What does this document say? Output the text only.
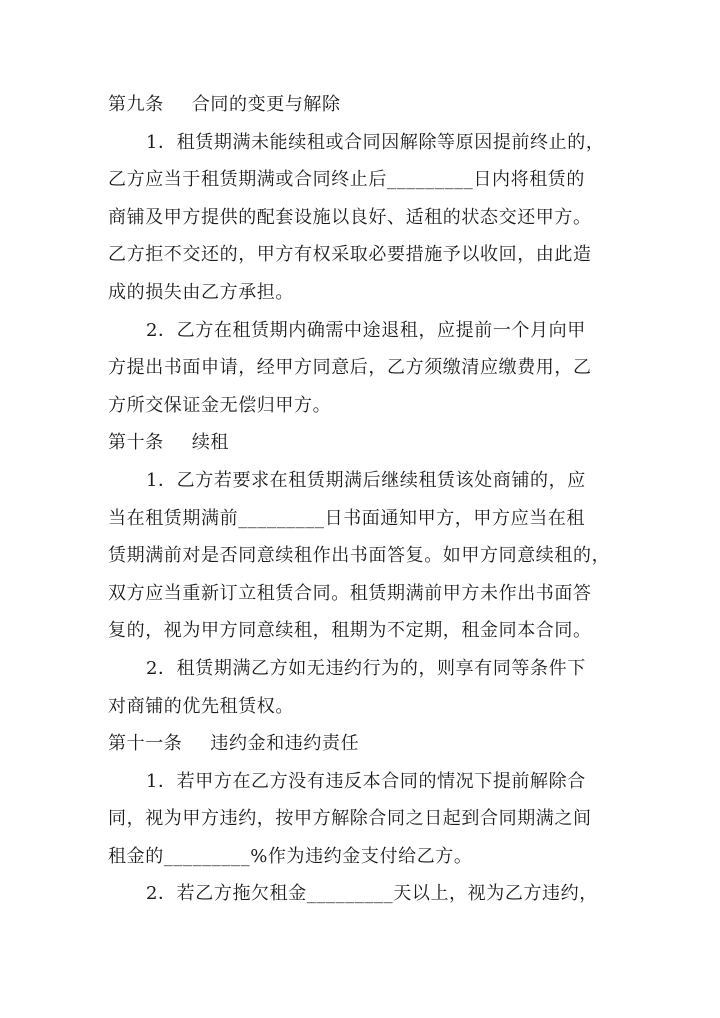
第九条 合同的变更与解除
1．租赁期满未能续租或合同因解除等原因提前终止的，
乙方应当于租赁期满或合同终止后_________日内将租赁的
商铺及甲方提供的配套设施以良好、适租的状态交还甲方。
乙方拒不交还的，甲方有权采取必要措施予以收回，由此造
成的损失由乙方承担。
2．乙方在租赁期内确需中途退租，应提前一个月向甲
方提出书面申请，经甲方同意后，乙方须缴清应缴费用，乙
方所交保证金无偿归甲方。
第十条 续租
1．乙方若要求在租赁期满后继续租赁该处商铺的，应
当在租赁期满前_________日书面通知甲方，甲方应当在租
赁期满前对是否同意续租作出书面答复。如甲方同意续租的，
双方应当重新订立租赁合同。租赁期满前甲方未作出书面答
复的，视为甲方同意续租，租期为不定期，租金同本合同。
2．租赁期满乙方如无违约行为的，则享有同等条件下
对商铺的优先租赁权。
第十一条 违约金和违约责任
1．若甲方在乙方没有违反本合同的情况下提前解除合
同，视为甲方违约，按甲方解除合同之日起到合同期满之间
租金的_________%作为违约金支付给乙方。
2．若乙方拖欠租金_________天以上，视为乙方违约，
